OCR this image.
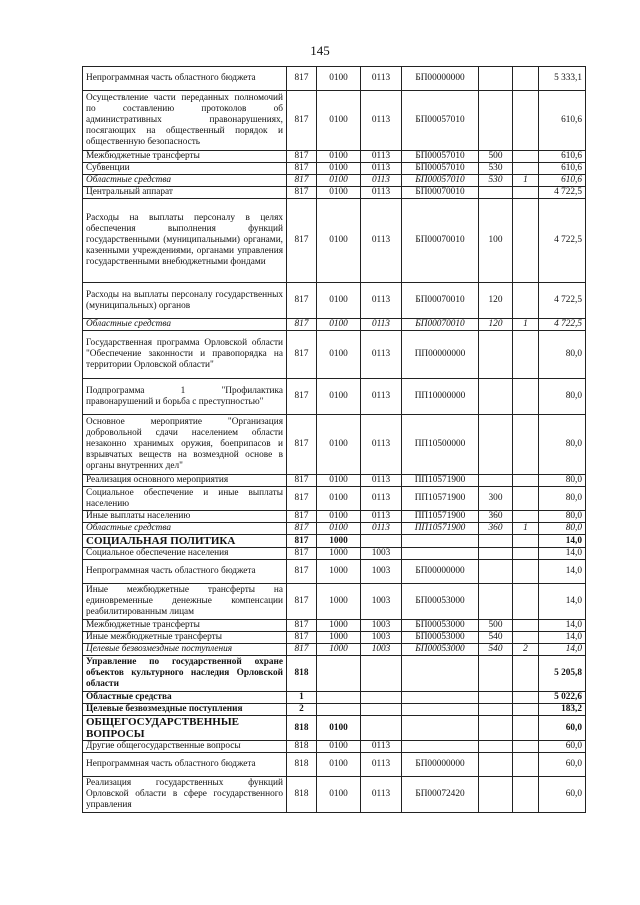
145
Непрограммная часть областного бюджета	817	0100	0113	БП00000000			5 333,1
Осуществление части переданных полномочий по составлению протоколов об административных правонарушениях, посягающих на общественный порядок и общественную безопасность	817	0100	0113	БП00057010			610,6
Межбюджетные трансферты	817	0100	0113	БП00057010	500		610,6
Субвенции	817	0100	0113	БП00057010	530		610,6
Областные средства	817	0100	0113	БП00057010	530	1	610,6
Центральный аппарат	817	0100	0113	БП00070010			4 722,5
Расходы на выплаты персоналу в целях обеспечения выполнения функций государственными (муниципальными) органами, казенными учреждениями, органами управления государственными внебюджетными фондами	817	0100	0113	БП00070010	100		4 722,5
Расходы на выплаты персоналу государственных (муниципальных) органов	817	0100	0113	БП00070010	120		4 722,5
Областные средства	817	0100	0113	БП00070010	120	1	4 722,5
Государственная программа Орловской области "Обеспечение законности и правопорядка на территории Орловской области"	817	0100	0113	ПП00000000			80,0
Подпрограмма 1 "Профилактика правонарушений и борьба с преступностью"	817	0100	0113	ПП10000000			80,0
Основное мероприятие "Организация добровольной сдачи населением области незаконно хранимых оружия, боеприпасов и взрывчатых веществ на возмездной основе в органы внутренних дел"	817	0100	0113	ПП10500000			80,0
Реализация основного мероприятия	817	0100	0113	ПП10571900			80,0
Социальное обеспечение и иные выплаты населению	817	0100	0113	ПП10571900	300		80,0
Иные выплаты населению	817	0100	0113	ПП10571900	360		80,0
Областные средства	817	0100	0113	ПП10571900	360	1	80,0
СОЦИАЛЬНАЯ ПОЛИТИКА	817	1000					14,0
Социальное обеспечение населения	817	1000	1003				14,0
Непрограммная часть областного бюджета	817	1000	1003	БП00000000			14,0
Иные межбюджетные трансферты на единовременные денежные компенсации реабилитированным лицам	817	1000	1003	БП00053000			14,0
Межбюджетные трансферты	817	1000	1003	БП00053000	500		14,0
Иные межбюджетные трансферты	817	1000	1003	БП00053000	540		14,0
Целевые безвозмездные поступления	817	1000	1003	БП00053000	540	2	14,0
Управление по государственной охране объектов культурного наследия Орловской области	818						5 205,8
Областные средства	1						5 022,6
Целевые безвозмездные поступления	2						183,2
ОБЩЕГОСУДАРСТВЕННЫЕ ВОПРОСЫ	818	0100					60,0
Другие общегосударственные вопросы	818	0100	0113				60,0
Непрограммная часть областного бюджета	818	0100	0113	БП00000000			60,0
Реализация государственных функций Орловской области в сфере государственного управления	818	0100	0113	БП00072420			60,0
